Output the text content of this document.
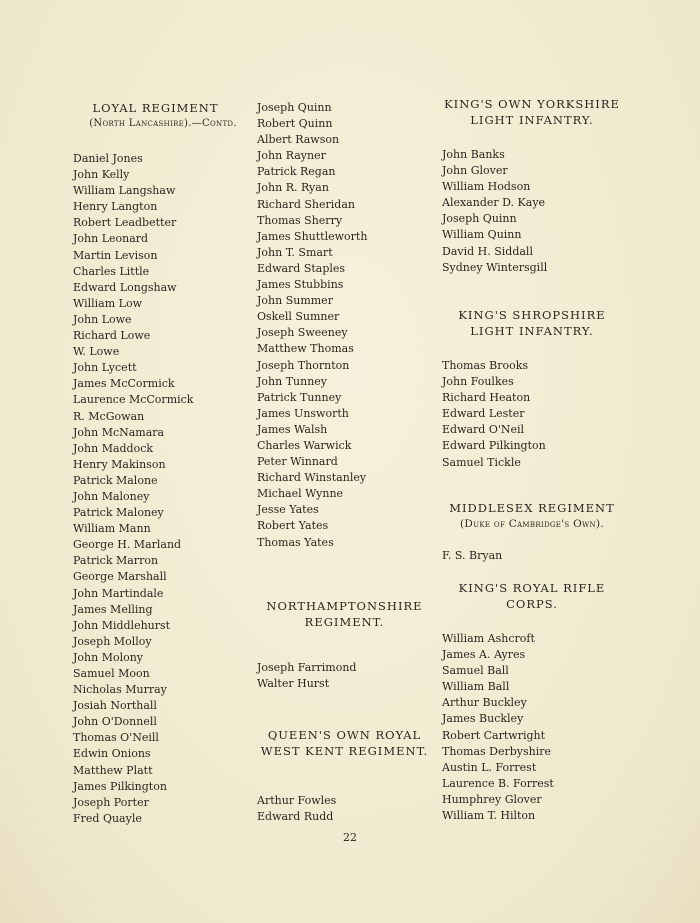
LOYAL REGIMENT

(North Lancashire).—Contd.

Daniel Jones
John Kelly
William Langshaw
Henry Langton
Robert Leadbetter
John Leonard
Martin Levison
Charles Little
Edward Longshaw
William Low
John Lowe
Richard Lowe
W. Lowe
John Lycett
James McCormick
Laurence McCormick
R. McGowan
John McNamara
John Maddock
Henry Makinson
Patrick Malone
John Maloney
Patrick Maloney
William Mann
George H. Marland
Patrick Marron
George Marshall
John Martindale
James Melling
John Middlehurst
Joseph Molloy
John Molony
Samuel Moon
Nicholas Murray
Josiah Northall
John O'Donnell
Thomas O'Neill
Edwin Onions
Matthew Platt
James Pilkington
Joseph Porter
Fred Quayle
Joseph Quinn
Robert Quinn
Albert Rawson
John Rayner
Patrick Regan
John R. Ryan
Richard Sheridan
Thomas Sherry
James Shuttleworth
John T. Smart
Edward Staples
James Stubbins
John Summer
Oskell Sumner
Joseph Sweeney
Matthew Thomas
Joseph Thornton
John Tunney
Patrick Tunney
James Unsworth
James Walsh
Charles Warwick
Peter Winnard
Richard Winstanley
Michael Wynne
Jesse Yates
Robert Yates
Thomas Yates

NORTHAMPTONSHIRE

REGIMENT.

Joseph Farrimond
Walter Hurst

QUEEN'S OWN ROYAL

WEST KENT REGIMENT.

Arthur Fowles
Edward Rudd

KING'S OWN YORKSHIRE

LIGHT INFANTRY.

John Banks
John Glover
William Hodson
Alexander D. Kaye
Joseph Quinn
William Quinn
David H. Siddall
Sydney Wintersgill

KING'S SHROPSHIRE

LIGHT INFANTRY.

Thomas Brooks
John Foulkes
Richard Heaton
Edward Lester
Edward O'Neil
Edward Pilkington
Samuel Tickle

MIDDLESEX REGIMENT

(Duke of Cambridge's Own).

F. S. Bryan

KING'S ROYAL RIFLE

CORPS.

William Ashcroft
James A. Ayres
Samuel Ball
William Ball
Arthur Buckley
James Buckley
Robert Cartwright
Thomas Derbyshire
Austin L. Forrest
Laurence B. Forrest
Humphrey Glover
William T. Hilton
22
